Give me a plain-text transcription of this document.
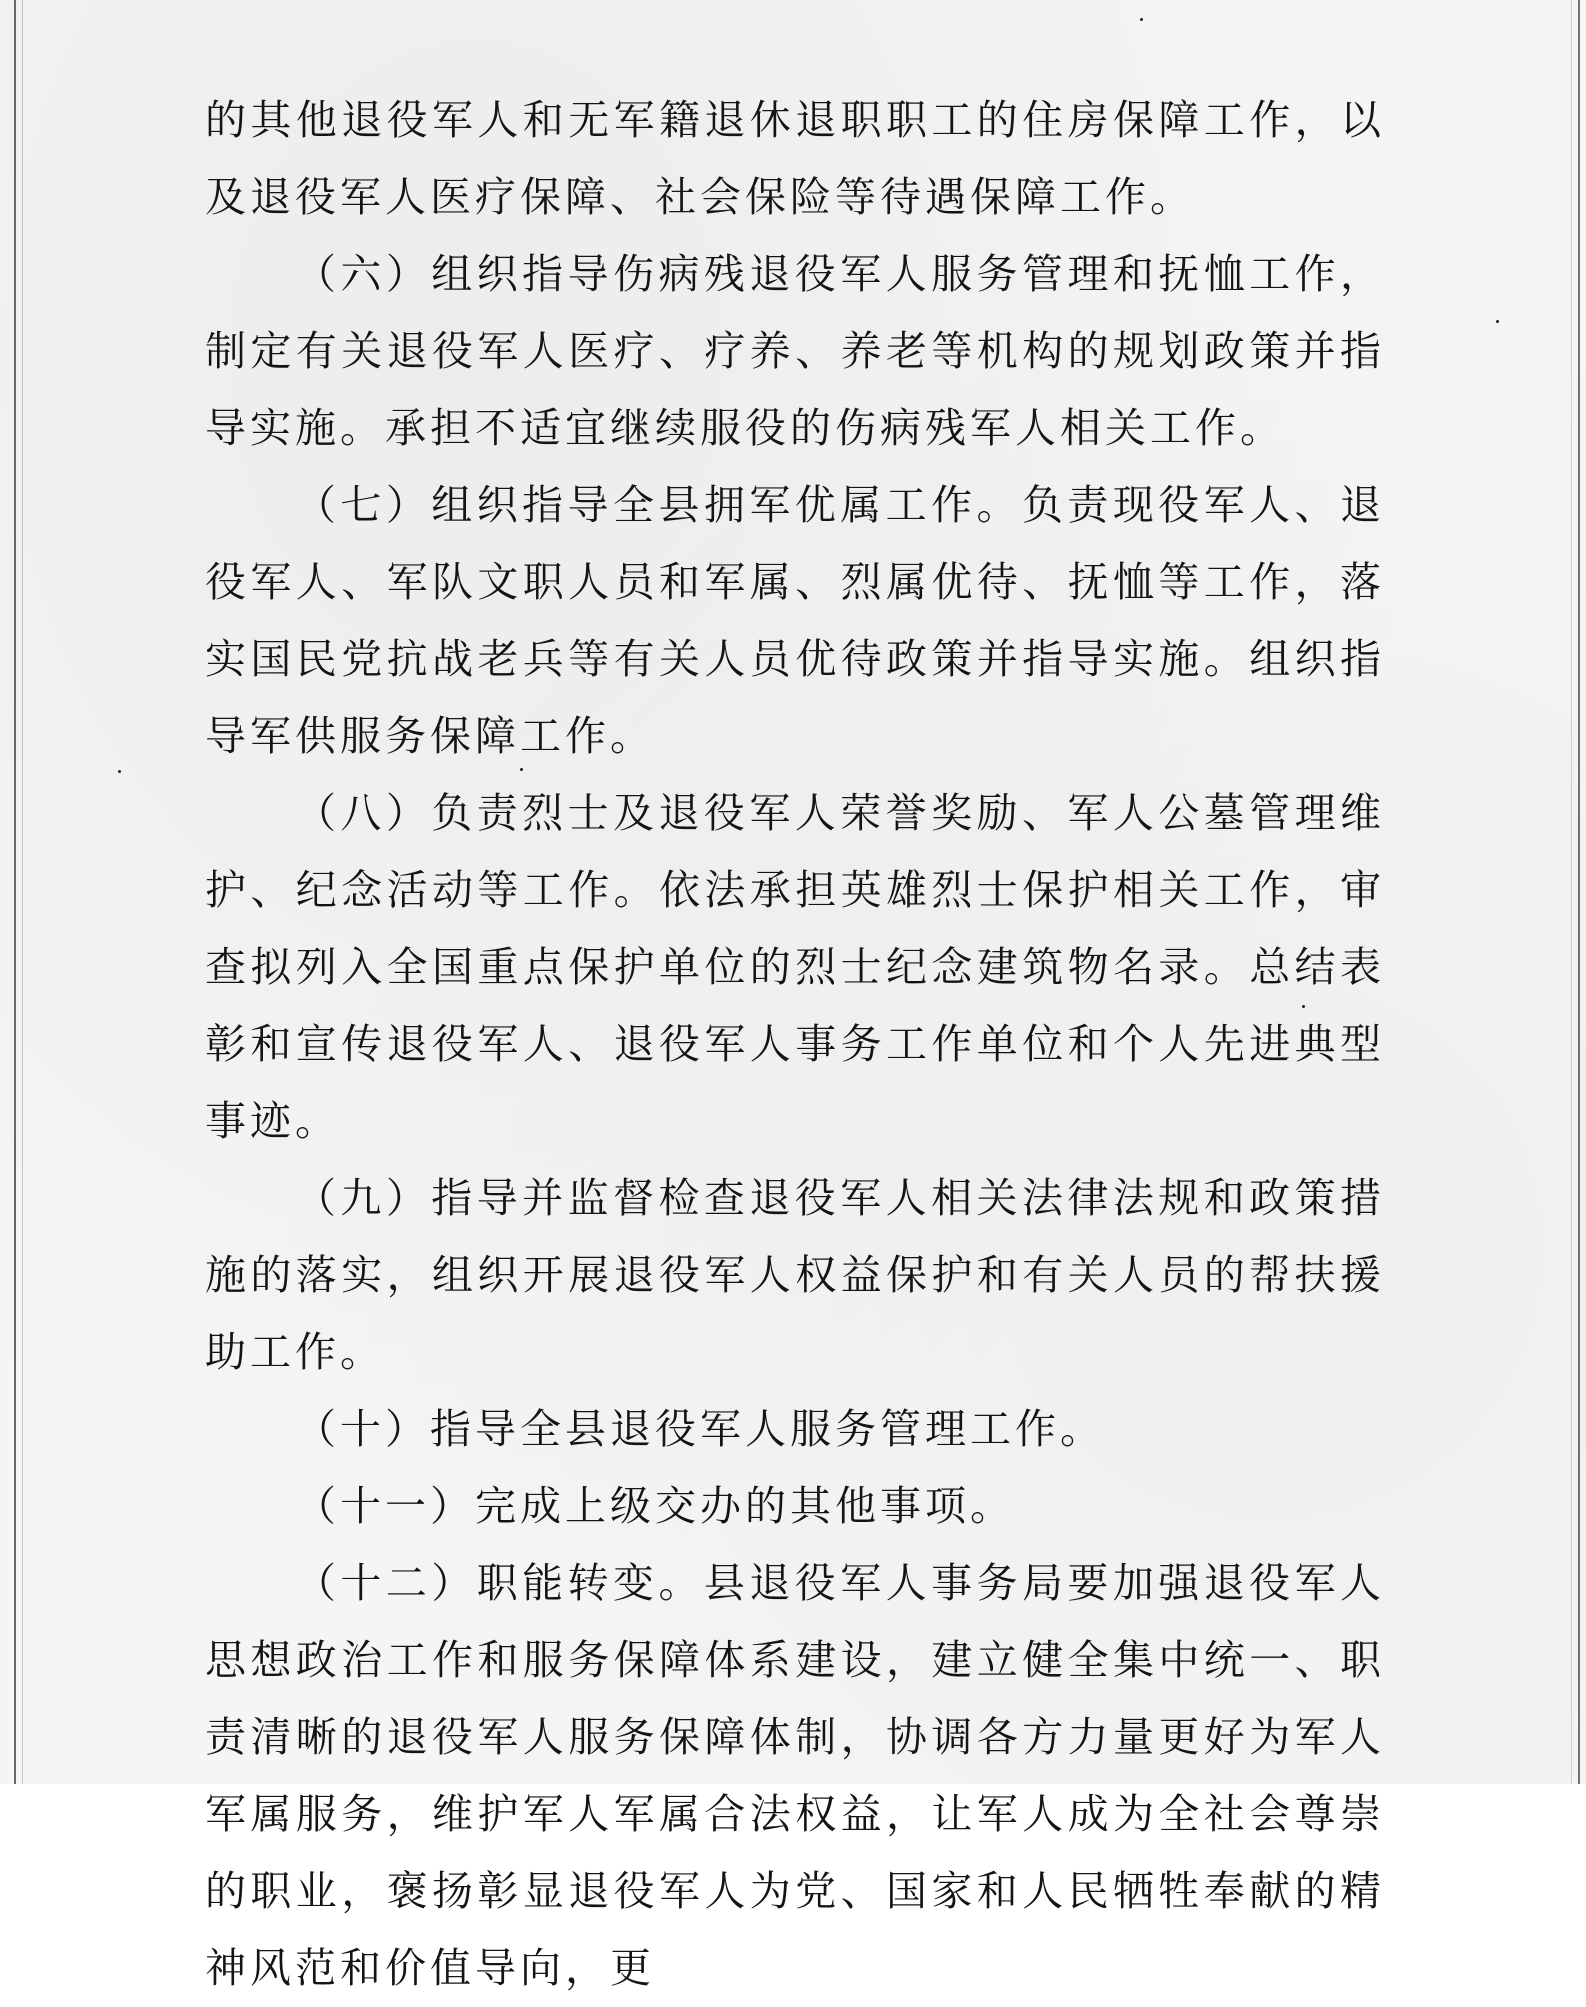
的其他退役军人和无军籍退休退职职工的住房保障工作，以及退役军人医疗保障、社会保险等待遇保障工作。

（六）组织指导伤病残退役军人服务管理和抚恤工作，制定有关退役军人医疗、疗养、养老等机构的规划政策并指导实施。承担不适宜继续服役的伤病残军人相关工作。

（七）组织指导全县拥军优属工作。负责现役军人、退役军人、军队文职人员和军属、烈属优待、抚恤等工作，落实国民党抗战老兵等有关人员优待政策并指导实施。组织指导军供服务保障工作。

（八）负责烈士及退役军人荣誉奖励、军人公墓管理维护、纪念活动等工作。依法承担英雄烈士保护相关工作，审查拟列入全国重点保护单位的烈士纪念建筑物名录。总结表彰和宣传退役军人、退役军人事务工作单位和个人先进典型事迹。

（九）指导并监督检查退役军人相关法律法规和政策措施的落实，组织开展退役军人权益保护和有关人员的帮扶援助工作。

（十）指导全县退役军人服务管理工作。

（十一）完成上级交办的其他事项。

（十二）职能转变。县退役军人事务局要加强退役军人思想政治工作和服务保障体系建设，建立健全集中统一、职责清晰的退役军人服务保障体制，协调各方力量更好为军人军属服务，维护军人军属合法权益，让军人成为全社会尊崇的职业，褒扬彰显退役军人为党、国家和人民牺牲奉献的精神风范和价值导向，更
